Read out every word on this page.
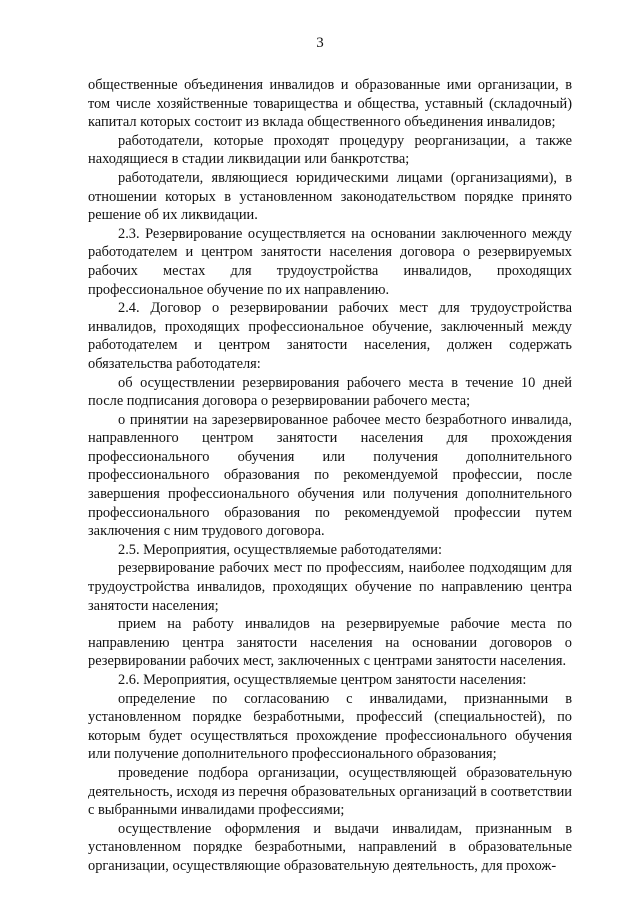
3

общественные объединения инвалидов и образованные ими организации, в том числе хозяйственные товарищества и общества, уставный (складочный) капитал которых состоит из вклада общественного объединения инвалидов;

работодатели, которые проходят процедуру реорганизации, а также находящиеся в стадии ликвидации или банкротства;

работодатели, являющиеся юридическими лицами (организациями), в отношении которых в установленном законодательством порядке принято решение об их ликвидации.

2.3. Резервирование осуществляется на основании заключенного между работодателем и центром занятости населения договора о резервируемых рабочих местах для трудоустройства инвалидов, проходящих профессиональное обучение по их направлению.

2.4. Договор о резервировании рабочих мест для трудоустройства инвалидов, проходящих профессиональное обучение, заключенный между работодателем и центром занятости населения, должен содержать обязательства работодателя:

об осуществлении резервирования рабочего места в течение 10 дней после подписания договора о резервировании рабочего места;

о принятии на зарезервированное рабочее место безработного инвалида, направленного центром занятости населения для прохождения профессионального обучения или получения дополнительного профессионального образования по рекомендуемой профессии, после завершения профессионального обучения или получения дополнительного профессионального образования по рекомендуемой профессии путем заключения с ним трудового договора.

2.5. Мероприятия, осуществляемые работодателями:

резервирование рабочих мест по профессиям, наиболее подходящим для трудоустройства инвалидов, проходящих обучение по направлению центра занятости населения;

прием на работу инвалидов на резервируемые рабочие места по направлению центра занятости населения на основании договоров о резервировании рабочих мест, заключенных с центрами занятости населения.

2.6. Мероприятия, осуществляемые центром занятости населения:

определение по согласованию с инвалидами, признанными в установленном порядке безработными, профессий (специальностей), по которым будет осуществляться прохождение профессионального обучения или получение дополнительного профессионального образования;

проведение подбора организации, осуществляющей образовательную деятельность, исходя из перечня образовательных организаций в соответствии с выбранными инвалидами профессиями;

осуществление оформления и выдачи инвалидам, признанным в установленном порядке безработными, направлений в образовательные организации, осуществляющие образовательную деятельность, для прохож-
